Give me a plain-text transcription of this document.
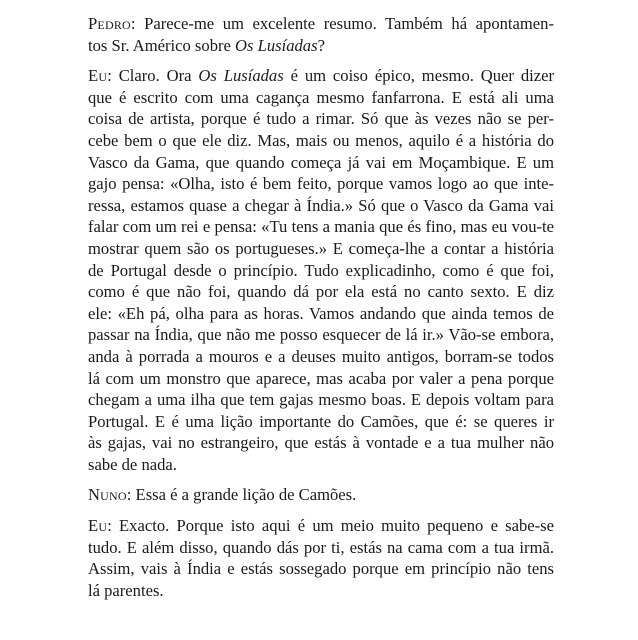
Pedro: Parece-me um excelente resumo. Também há apontamen-
tos Sr. Américo sobre Os Lusíadas?
Eu: Claro. Ora Os Lusíadas é um coiso épico, mesmo. Quer dizer
que é escrito com uma cagança mesmo fanfarrona. E está ali uma
coisa de artista, porque é tudo a rimar. Só que às vezes não se per-
cebe bem o que ele diz. Mas, mais ou menos, aquilo é a história do
Vasco da Gama, que quando começa já vai em Moçambique. E um
gajo pensa: «Olha, isto é bem feito, porque vamos logo ao que inte-
ressa, estamos quase a chegar à Índia.» Só que o Vasco da Gama vai
falar com um rei e pensa: «Tu tens a mania que és fino, mas eu vou-te
mostrar quem são os portugueses.» E começa-lhe a contar a história
de Portugal desde o princípio. Tudo explicadinho, como é que foi,
como é que não foi, quando dá por ela está no canto sexto. E diz
ele: «Eh pá, olha para as horas. Vamos andando que ainda temos de
passar na Índia, que não me posso esquecer de lá ir.» Vão-se embora,
anda à porrada a mouros e a deuses muito antigos, borram-se todos
lá com um monstro que aparece, mas acaba por valer a pena porque
chegam a uma ilha que tem gajas mesmo boas. E depois voltam para
Portugal. E é uma lição importante do Camões, que é: se queres ir
às gajas, vai no estrangeiro, que estás à vontade e a tua mulher não
sabe de nada.
Nuno: Essa é a grande lição de Camões.
Eu: Exacto. Porque isto aqui é um meio muito pequeno e sabe-se
tudo. E além disso, quando dás por ti, estás na cama com a tua irmã.
Assim, vais à Índia e estás sossegado porque em princípio não tens
lá parentes.
